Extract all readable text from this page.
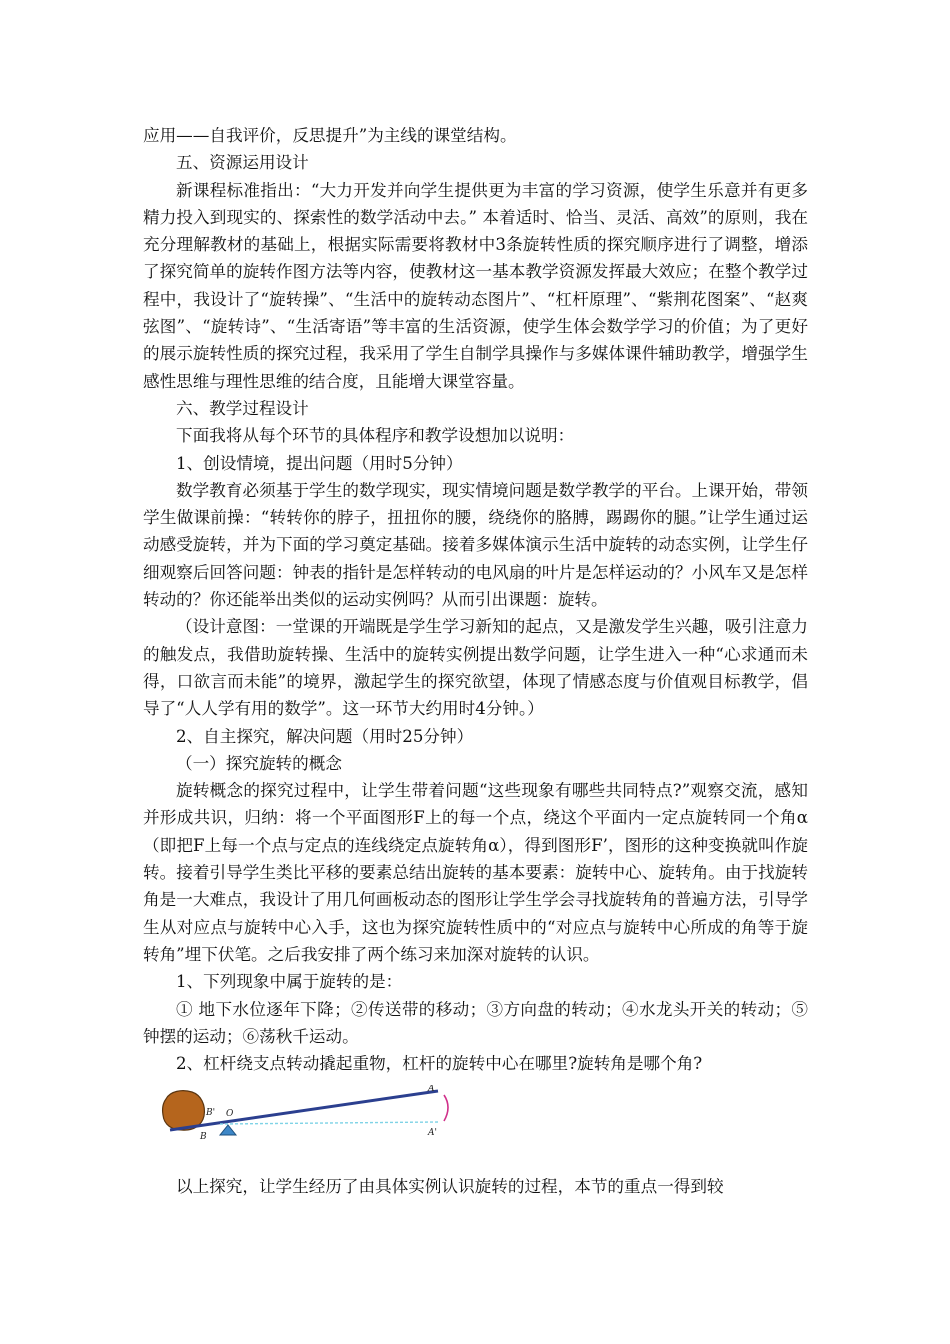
应用——自我评价，反思提升”为主线的课堂结构。

五、资源运用设计

新课程标准指出：“大力开发并向学生提供更为丰富的学习资源，使学生乐意并有更多精力投入到现实的、探索性的数学活动中去。” 本着适时、恰当、灵活、高效”的原则，我在充分理解教材的基础上，根据实际需要将教材中3条旋转性质的探究顺序进行了调整，增添了探究简单的旋转作图方法等内容，使教材这一基本教学资源发挥最大效应；在整个教学过程中，我设计了“旋转操”、“生活中的旋转动态图片”、“杠杆原理”、“紫荆花图案”、“赵爽弦图”、“旋转诗”、“生活寄语”等丰富的生活资源，使学生体会数学学习的价值；为了更好的展示旋转性质的探究过程，我采用了学生自制学具操作与多媒体课件辅助教学，增强学生感性思维与理性思维的结合度，且能增大课堂容量。

六、教学过程设计

下面我将从每个环节的具体程序和教学设想加以说明：

1、创设情境，提出问题（用时5分钟）

数学教育必须基于学生的数学现实，现实情境问题是数学教学的平台。上课开始，带领学生做课前操：“转转你的脖子，扭扭你的腰，绕绕你的胳膊，踢踢你的腿。”让学生通过运动感受旋转，并为下面的学习奠定基础。接着多媒体演示生活中旋转的动态实例，让学生仔细观察后回答问题：钟表的指针是怎样转动的电风扇的叶片是怎样运动的？小风车又是怎样转动的？你还能举出类似的运动实例吗？从而引出课题：旋转。

（设计意图：一堂课的开端既是学生学习新知的起点，又是激发学生兴趣，吸引注意力的触发点，我借助旋转操、生活中的旋转实例提出数学问题，让学生进入一种“心求通而未得，口欲言而未能”的境界，激起学生的探究欲望，体现了情感态度与价值观目标教学，倡导了“人人学有用的数学”。这一环节大约用时4分钟。）

2、自主探究，解决问题（用时25分钟）

（一）探究旋转的概念

旋转概念的探究过程中，让学生带着问题“这些现象有哪些共同特点?”观察交流，感知并形成共识，归纳：将一个平面图形F上的每一个点，绕这个平面内一定点旋转同一个角α（即把F上每一个点与定点的连线绕定点旋转角α），得到图形F’，图形的这种变换就叫作旋转。接着引导学生类比平移的要素总结出旋转的基本要素：旋转中心、旋转角。由于找旋转角是一大难点，我设计了用几何画板动态的图形让学生学会寻找旋转角的普遍方法，引导学生从对应点与旋转中心入手，这也为探究旋转性质中的“对应点与旋转中心所成的角等于旋转角”埋下伏笔。之后我安排了两个练习来加深对旋转的认识。

1、下列现象中属于旋转的是：

① 地下水位逐年下降；②传送带的移动；③方向盘的转动；④水龙头开关的转动；⑤钟摆的运动；⑥荡秋千运动。

2、杠杆绕支点转动撬起重物，杠杆的旋转中心在哪里?旋转角是哪个角?

B' O
B
A
A'

以上探究，让学生经历了由具体实例认识旋转的过程，本节的重点一得到较
